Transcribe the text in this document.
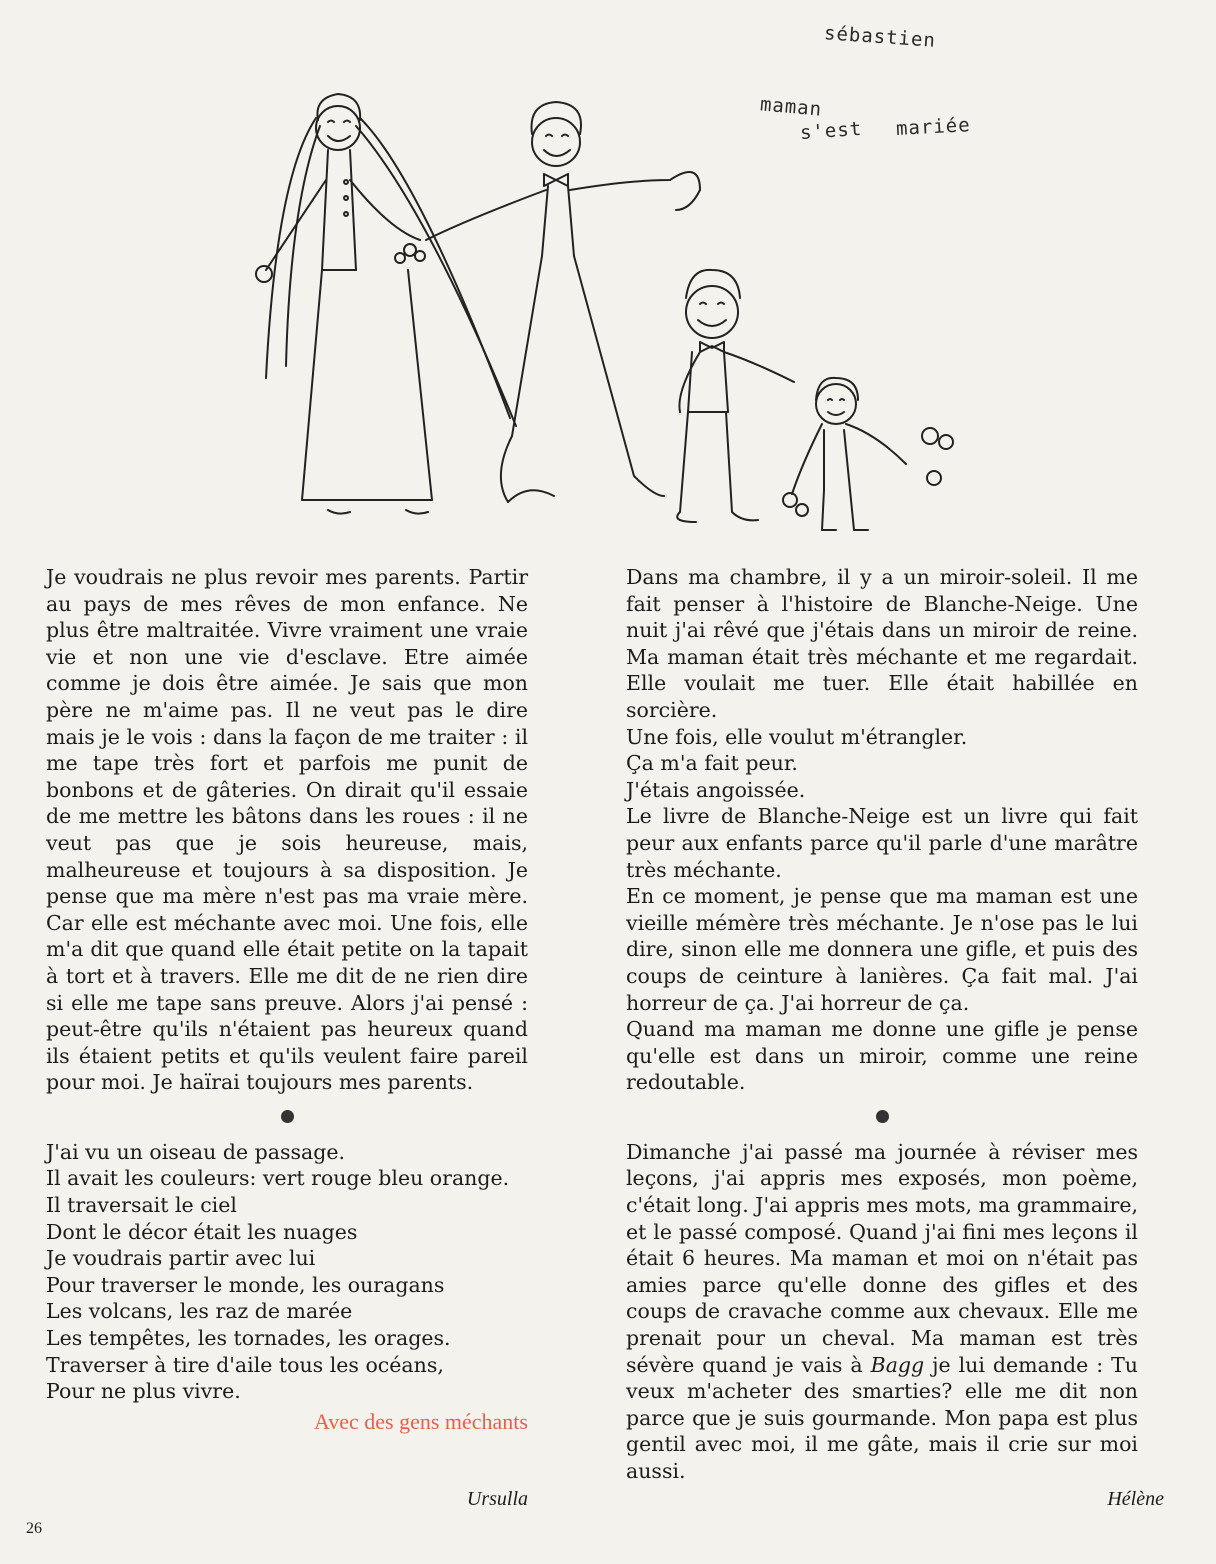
sébastien
maman
s'est mariée

Je voudrais ne plus revoir mes parents. Partir au pays de mes rêves de mon enfance. Ne plus être maltraitée. Vivre vraiment une vraie vie et non une vie d'esclave. Etre aimée comme je dois être aimée. Je sais que mon père ne m'aime pas. Il ne veut pas le dire mais je le vois : dans la façon de me traiter : il me tape très fort et parfois me punit de bonbons et de gâteries. On dirait qu'il essaie de me mettre les bâtons dans les roues : il ne veut pas que je sois heureuse, mais, malheureuse et toujours à sa disposition. Je pense que ma mère n'est pas ma vraie mère. Car elle est méchante avec moi. Une fois, elle m'a dit que quand elle était petite on la tapait à tort et à travers. Elle me dit de ne rien dire si elle me tape sans preuve. Alors j'ai pensé : peut-être qu'ils n'étaient pas heureux quand ils étaient petits et qu'ils veulent faire pareil pour moi. Je haïrai toujours mes parents.

J'ai vu un oiseau de passage.
Il avait les couleurs: vert rouge bleu orange.
Il traversait le ciel
Dont le décor était les nuages
Je voudrais partir avec lui
Pour traverser le monde, les ouragans
Les volcans, les raz de marée
Les tempêtes, les tornades, les orages.
Traverser à tire d'aile tous les océans,
Pour ne plus vivre.
Avec des gens méchants

Dans ma chambre, il y a un miroir-soleil. Il me fait penser à l'histoire de Blanche-Neige. Une nuit j'ai rêvé que j'étais dans un miroir de reine. Ma maman était très méchante et me regardait. Elle voulait me tuer. Elle était habillée en sorcière.

Une fois, elle voulut m'étrangler.

Ça m'a fait peur.

J'étais angoissée.

Le livre de Blanche-Neige est un livre qui fait peur aux enfants parce qu'il parle d'une marâtre très méchante.

En ce moment, je pense que ma maman est une vieille mémère très méchante. Je n'ose pas le lui dire, sinon elle me donnera une gifle, et puis des coups de ceinture à lanières. Ça fait mal. J'ai horreur de ça. J'ai horreur de ça.

Quand ma maman me donne une gifle je pense qu'elle est dans un miroir, comme une reine redoutable.

Dimanche j'ai passé ma journée à réviser mes leçons, j'ai appris mes exposés, mon poème, c'était long. J'ai appris mes mots, ma grammaire, et le passé composé. Quand j'ai fini mes leçons il était 6 heures. Ma maman et moi on n'était pas amies parce qu'elle donne des gifles et des coups de cravache comme aux chevaux. Elle me prenait pour un cheval. Ma maman est très sévère quand je vais à Bagg je lui demande : Tu veux m'acheter des smarties? elle me dit non parce que je suis gourmande. Mon papa est plus gentil avec moi, il me gâte, mais il crie sur moi aussi.

Ursulla	Hélène
26
